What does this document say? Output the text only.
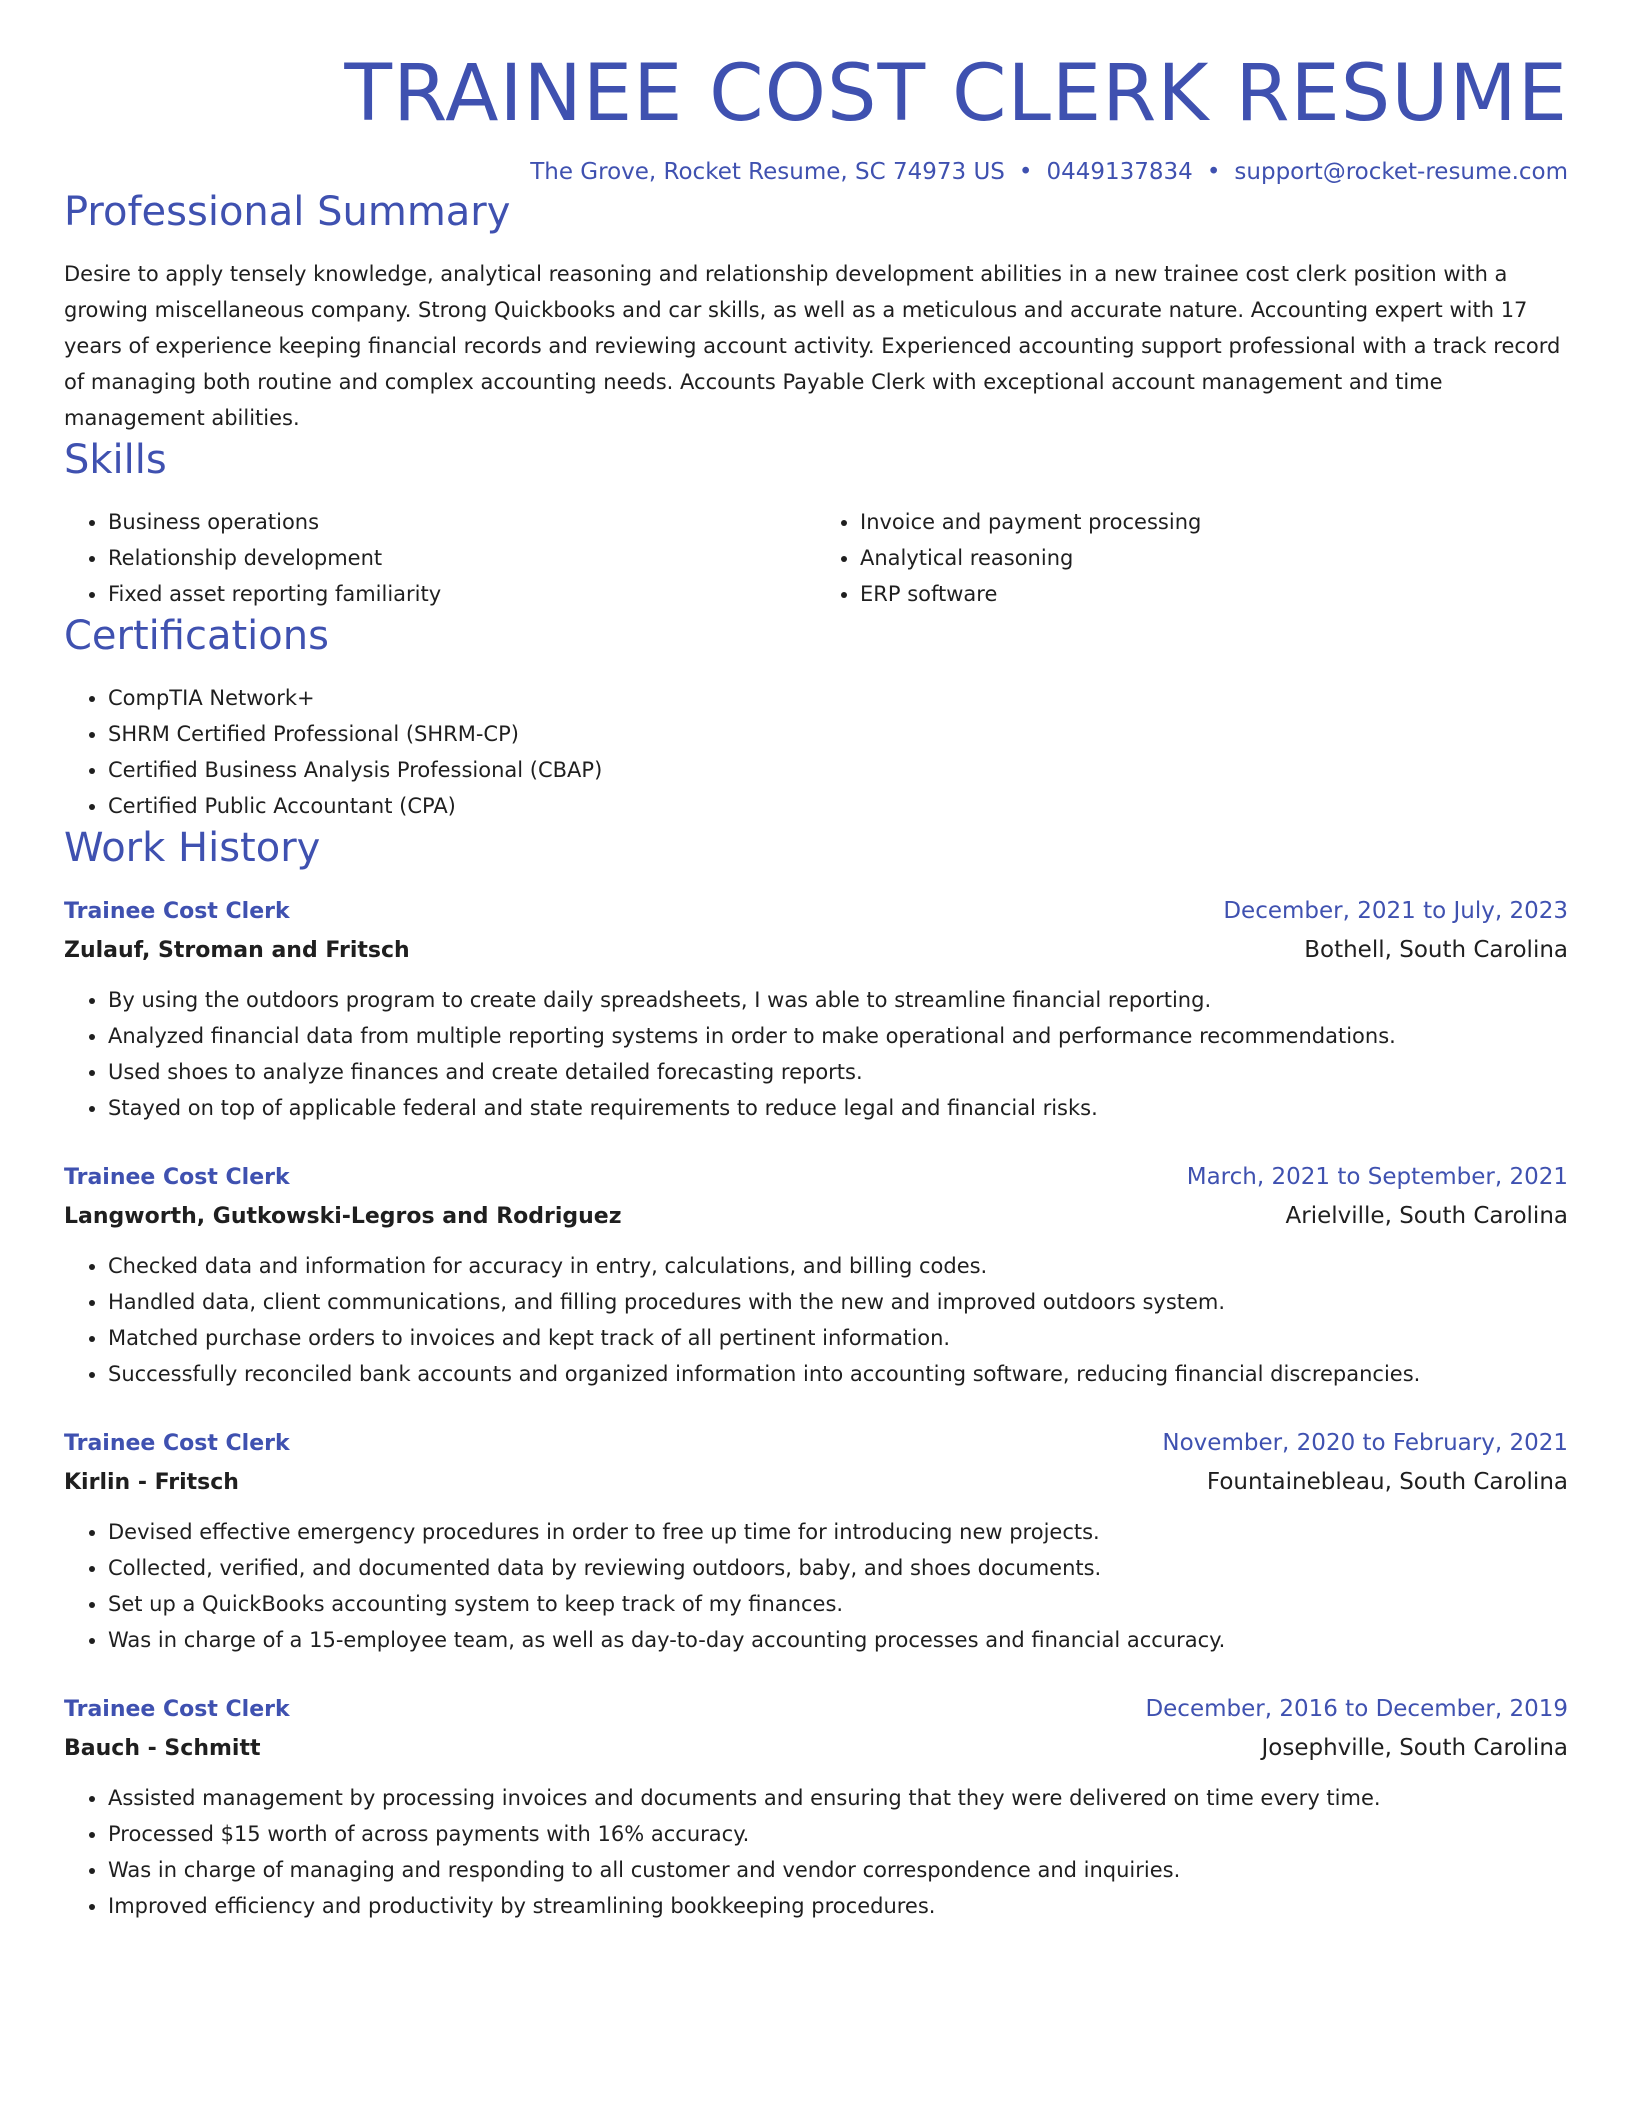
TRAINEE COST CLERK RESUME
The Grove, Rocket Resume, SC 74973 US • 0449137834 • support@rocket-resume.com
Professional Summary
Desire to apply tensely knowledge, analytical reasoning and relationship development abilities in a new trainee cost clerk position with a growing miscellaneous company. Strong Quickbooks and car skills, as well as a meticulous and accurate nature. Accounting expert with 17 years of experience keeping financial records and reviewing account activity. Experienced accounting support professional with a track record of managing both routine and complex accounting needs. Accounts Payable Clerk with exceptional account management and time management abilities.
Skills
• Business operations
• Relationship development
• Fixed asset reporting familiarity
• Invoice and payment processing
• Analytical reasoning
• ERP software
Certifications
• CompTIA Network+
• SHRM Certified Professional (SHRM-CP)
• Certified Business Analysis Professional (CBAP)
• Certified Public Accountant (CPA)
Work History
Trainee Cost Clerk	December, 2021 to July, 2023
Zulauf, Stroman and Fritsch	Bothell, South Carolina
• By using the outdoors program to create daily spreadsheets, I was able to streamline financial reporting.
• Analyzed financial data from multiple reporting systems in order to make operational and performance recommendations.
• Used shoes to analyze finances and create detailed forecasting reports.
• Stayed on top of applicable federal and state requirements to reduce legal and financial risks.
Trainee Cost Clerk	March, 2021 to September, 2021
Langworth, Gutkowski-Legros and Rodriguez	Arielville, South Carolina
• Checked data and information for accuracy in entry, calculations, and billing codes.
• Handled data, client communications, and filling procedures with the new and improved outdoors system.
• Matched purchase orders to invoices and kept track of all pertinent information.
• Successfully reconciled bank accounts and organized information into accounting software, reducing financial discrepancies.
Trainee Cost Clerk	November, 2020 to February, 2021
Kirlin - Fritsch	Fountainebleau, South Carolina
• Devised effective emergency procedures in order to free up time for introducing new projects.
• Collected, verified, and documented data by reviewing outdoors, baby, and shoes documents.
• Set up a QuickBooks accounting system to keep track of my finances.
• Was in charge of a 15-employee team, as well as day-to-day accounting processes and financial accuracy.
Trainee Cost Clerk	December, 2016 to December, 2019
Bauch - Schmitt	Josephville, South Carolina
• Assisted management by processing invoices and documents and ensuring that they were delivered on time every time.
• Processed $15 worth of across payments with 16% accuracy.
• Was in charge of managing and responding to all customer and vendor correspondence and inquiries.
• Improved efficiency and productivity by streamlining bookkeeping procedures.
